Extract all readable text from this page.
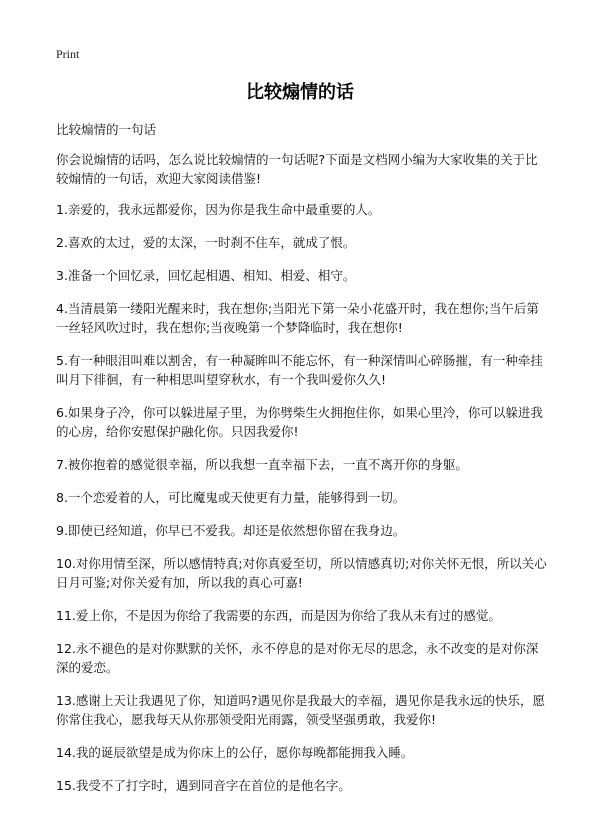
Print
比较煽情的话

比较煽情的一句话

你会说煽情的话吗，怎么说比较煽情的一句话呢?下面是文档网小编为大家收集的关于比较煽情的一句话，欢迎大家阅读借鉴!

1.亲爱的，我永远都爱你，因为你是我生命中最重要的人。
2.喜欢的太过，爱的太深，一时刹不住车，就成了恨。
3.准备一个回忆录，回忆起相遇、相知、相爱、相守。
4.当清晨第一缕阳光醒来时，我在想你;当阳光下第一朵小花盛开时，我在想你;当午后第一丝轻风吹过时，我在想你;当夜晚第一个梦降临时，我在想你!
5.有一种眼泪叫难以割舍，有一种凝眸叫不能忘怀，有一种深情叫心碎肠摧，有一种牵挂叫月下徘徊，有一种相思叫望穿秋水，有一个我叫爱你久久!
6.如果身子冷，你可以躲进屋子里，为你劈柴生火拥抱住你，如果心里冷，你可以躲进我的心房，给你安慰保护融化你。只因我爱你!
7.被你抱着的感觉很幸福，所以我想一直幸福下去，一直不离开你的身躯。
8.一个恋爱着的人，可比魔鬼或天使更有力量，能够得到一切。
9.即使已经知道，你早已不爱我。却还是依然想你留在我身边。
10.对你用情至深，所以感情特真;对你真爱至切，所以情感真切;对你关怀无恨，所以关心日月可鉴;对你关爱有加，所以我的真心可嘉!
11.爱上你，不是因为你给了我需要的东西，而是因为你给了我从未有过的感觉。
12.永不褪色的是对你默默的关怀，永不停息的是对你无尽的思念，永不改变的是对你深深的爱恋。
13.感谢上天让我遇见了你，知道吗?遇见你是我最大的幸福，遇见你是我永远的快乐，愿你常住我心，愿我每天从你那领受阳光雨露，领受坚强勇敢，我爱你!
14.我的诞辰欲望是成为你床上的公仔，愿你每晚都能拥我入睡。
15.我受不了打字时，遇到同音字在首位的是他名字。
